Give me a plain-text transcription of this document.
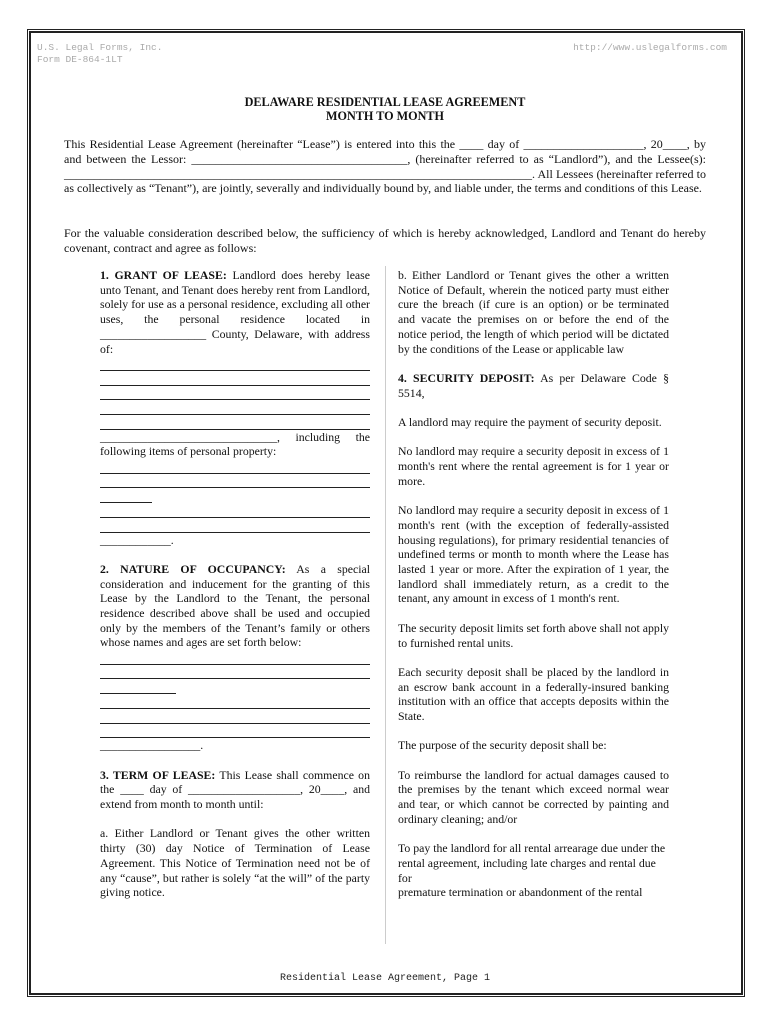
U.S. Legal Forms, Inc.
Form DE-864-1LT
http://www.uslegalforms.com
DELAWARE RESIDENTIAL LEASE AGREEMENT
MONTH TO MONTH
This Residential Lease Agreement (hereinafter “Lease”) is entered into this the ____ day of ____________________, 20____, by and between the Lessor: ____________________________________, (hereinafter referred to as “Landlord”), and the Lessee(s): ______________________________________________________________________________. All Lessees (hereinafter referred to as collectively as “Tenant”), are jointly, severally and individually bound by, and liable under, the terms and conditions of this Lease.
For the valuable consideration described below, the sufficiency of which is hereby acknowledged, Landlord and Tenant do hereby covenant, contract and agree as follows:

1. GRANT OF LEASE: Landlord does hereby lease unto Tenant, and Tenant does hereby rent from Landlord, solely for use as a personal residence, excluding all other uses, the personal residence located in __________________ County, Delaware, with address of:

______________________________, including the following items of personal property:

____________.

2. NATURE OF OCCUPANCY: As a special consideration and inducement for the granting of this Lease by the Landlord to the Tenant, the personal residence described above shall be used and occupied only by the members of the Tenant’s family or others whose names and ages are set forth below:

_________________.

3. TERM OF LEASE: This Lease shall commence on the ____ day of ___________________, 20____, and extend from month to month until:

a. Either Landlord or Tenant gives the other written thirty (30) day Notice of Termination of Lease Agreement. This Notice of Termination need not be of any “cause”, but rather is solely “at the will” of the party giving notice.

b. Either Landlord or Tenant gives the other a written Notice of Default, wherein the noticed party must either cure the breach (if cure is an option) or be terminated and vacate the premises on or before the end of the notice period, the length of which period will be dictated by the conditions of the Lease or applicable law

4. SECURITY DEPOSIT: As per Delaware Code § 5514,

A landlord may require the payment of security deposit.

No landlord may require a security deposit in excess of 1 month's rent where the rental agreement is for 1 year or more.

No landlord may require a security deposit in excess of 1 month's rent (with the exception of federally-assisted housing regulations), for primary residential tenancies of undefined terms or month to month where the Lease has lasted 1 year or more. After the expiration of 1 year, the landlord shall immediately return, as a credit to the tenant, any amount in excess of 1 month's rent.

The security deposit limits set forth above shall not apply to furnished rental units.

Each security deposit shall be placed by the landlord in an escrow bank account in a federally-insured banking institution with an office that accepts deposits within the State.

The purpose of the security deposit shall be:

To reimburse the landlord for actual damages caused to the premises by the tenant which exceed normal wear and tear, or which cannot be corrected by painting and ordinary cleaning; and/or

To pay the landlord for all rental arrearage due under the rental agreement, including late charges and rental due for

premature termination or abandonment of the rental

Residential Lease Agreement, Page 1
